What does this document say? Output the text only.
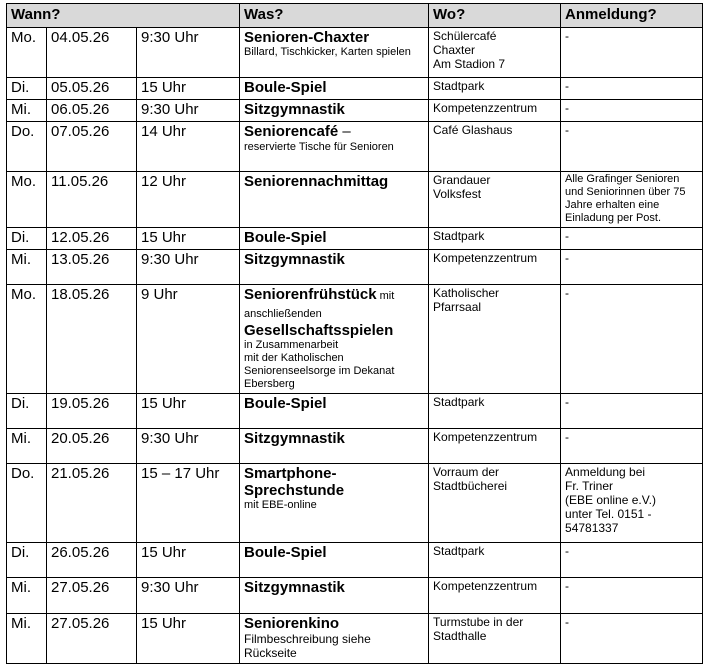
Wann?			Was?	Wo?	Anmeldung?
Mo.	04.05.26	9:30 Uhr	Senioren-Chaxter
Billard, Tischkicker, Karten spielen	Schülercafé
Chaxter
Am Stadion 7	-
Di.	05.05.26	15 Uhr	Boule-Spiel	Stadtpark	-
Mi.	06.05.26	9:30 Uhr	Sitzgymnastik	Kompetenzzentrum	-
Do.	07.05.26	14 Uhr	Seniorencafé –
reservierte Tische für Senioren	Café Glashaus	-
Mo.	11.05.26	12 Uhr	Seniorennachmittag	Grandauer
Volksfest	Alle Grafinger Senioren und Seniorinnen über 75 Jahre erhalten eine Einladung per Post.
Di.	12.05.26	15 Uhr	Boule-Spiel	Stadtpark	-
Mi.	13.05.26	9:30 Uhr	Sitzgymnastik	Kompetenzzentrum	-
Mo.	18.05.26	9 Uhr	Seniorenfrühstück mit anschließenden
Gesellschaftsspielen
in Zusammenarbeit
mit der Katholischen Seniorenseelsorge im Dekanat Ebersberg	Katholischer
Pfarrsaal	-
Di.	19.05.26	15 Uhr	Boule-Spiel	Stadtpark	-
Mi.	20.05.26	9:30 Uhr	Sitzgymnastik	Kompetenzzentrum	-
Do.	21.05.26	15 – 17 Uhr	Smartphone-
Sprechstunde
mit EBE-online	Vorraum der
Stadtbücherei	Anmeldung bei
Fr. Triner
(EBE online e.V.)
unter Tel. 0151 -
54781337
Di.	26.05.26	15 Uhr	Boule-Spiel	Stadtpark	-
Mi.	27.05.26	9:30 Uhr	Sitzgymnastik	Kompetenzzentrum	-
Mi.	27.05.26	15 Uhr	Seniorenkino
Filmbeschreibung siehe Rückseite	Turmstube in der
Stadthalle	-
